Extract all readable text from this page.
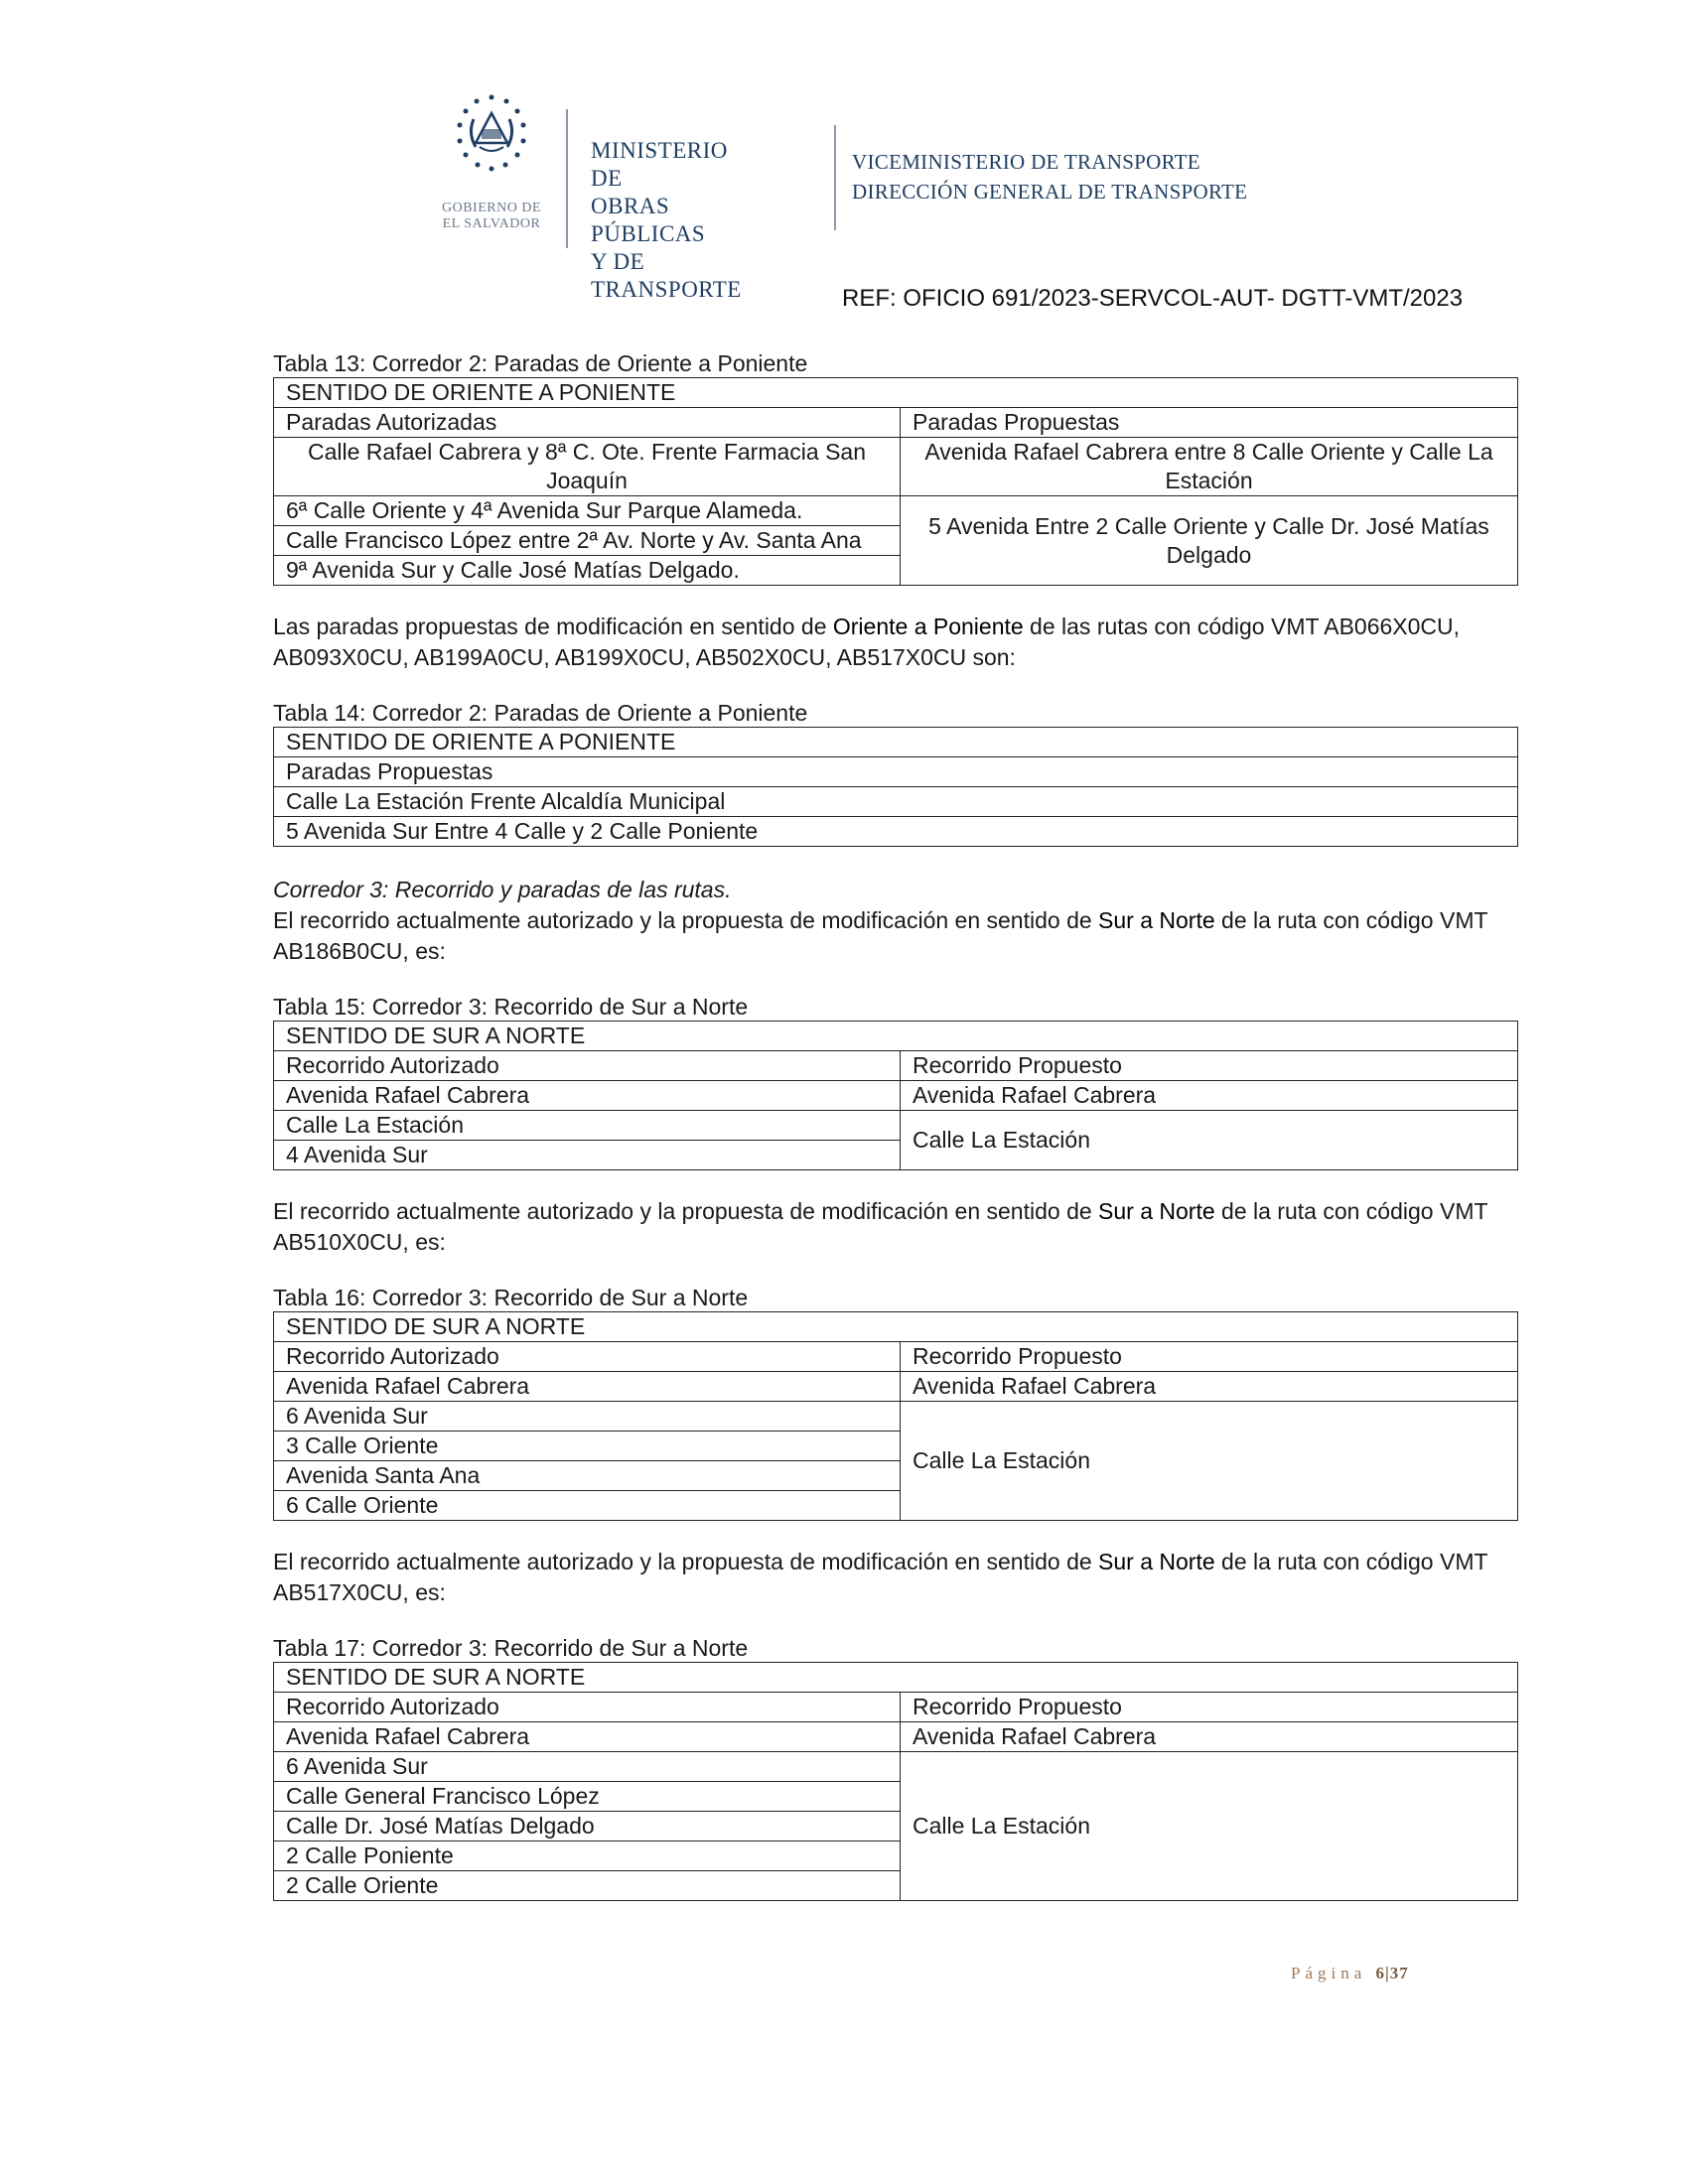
GOBIERNO DE
EL SALVADOR
MINISTERIO DE
OBRAS PÚBLICAS
Y DE TRANSPORTE
VICEMINISTERIO DE TRANSPORTE
DIRECCIÓN GENERAL DE TRANSPORTE
REF: OFICIO 691/2023-SERVCOL-AUT- DGTT-VMT/2023

Tabla 13: Corredor 2: Paradas de Oriente a Poniente

SENTIDO DE ORIENTE A PONIENTE	
Paradas Autorizadas	Paradas Propuestas
Calle Rafael Cabrera y 8ª C. Ote. Frente Farmacia San Joaquín	Avenida Rafael Cabrera entre 8 Calle Oriente y Calle La Estación
6ª Calle Oriente y 4ª Avenida Sur Parque Alameda.	5 Avenida Entre 2 Calle Oriente y Calle Dr. José Matías Delgado
Calle Francisco López entre 2ª Av. Norte y Av. Santa Ana	
9ª Avenida Sur y Calle José Matías Delgado.	

Las paradas propuestas de modificación en sentido de Oriente a Poniente de las rutas con código VMT AB066X0CU, AB093X0CU, AB199A0CU, AB199X0CU, AB502X0CU, AB517X0CU son:

Tabla 14: Corredor 2: Paradas de Oriente a Poniente

SENTIDO DE ORIENTE A PONIENTE
Paradas Propuestas
Calle La Estación Frente Alcaldía Municipal
5 Avenida Sur Entre 4 Calle y 2 Calle Poniente

Corredor 3: Recorrido y paradas de las rutas.

El recorrido actualmente autorizado y la propuesta de modificación en sentido de Sur a Norte de la ruta con código VMT AB186B0CU, es:

Tabla 15: Corredor 3: Recorrido de Sur a Norte

SENTIDO DE SUR A NORTE	
Recorrido Autorizado	Recorrido Propuesto
Avenida Rafael Cabrera	Avenida Rafael Cabrera
Calle La Estación	Calle La Estación
4 Avenida Sur	

El recorrido actualmente autorizado y la propuesta de modificación en sentido de Sur a Norte de la ruta con código VMT AB510X0CU, es:

Tabla 16: Corredor 3: Recorrido de Sur a Norte

SENTIDO DE SUR A NORTE	
Recorrido Autorizado	Recorrido Propuesto
Avenida Rafael Cabrera	Avenida Rafael Cabrera
6 Avenida Sur	Calle La Estación
3 Calle Oriente	
Avenida Santa Ana	
6 Calle Oriente	

El recorrido actualmente autorizado y la propuesta de modificación en sentido de Sur a Norte de la ruta con código VMT AB517X0CU, es:

Tabla 17: Corredor 3: Recorrido de Sur a Norte

SENTIDO DE SUR A NORTE	
Recorrido Autorizado	Recorrido Propuesto
Avenida Rafael Cabrera	Avenida Rafael Cabrera
6 Avenida Sur	Calle La Estación
Calle General Francisco López	
Calle Dr. José Matías Delgado	
2 Calle Poniente	
2 Calle Oriente	
Página 6|37
